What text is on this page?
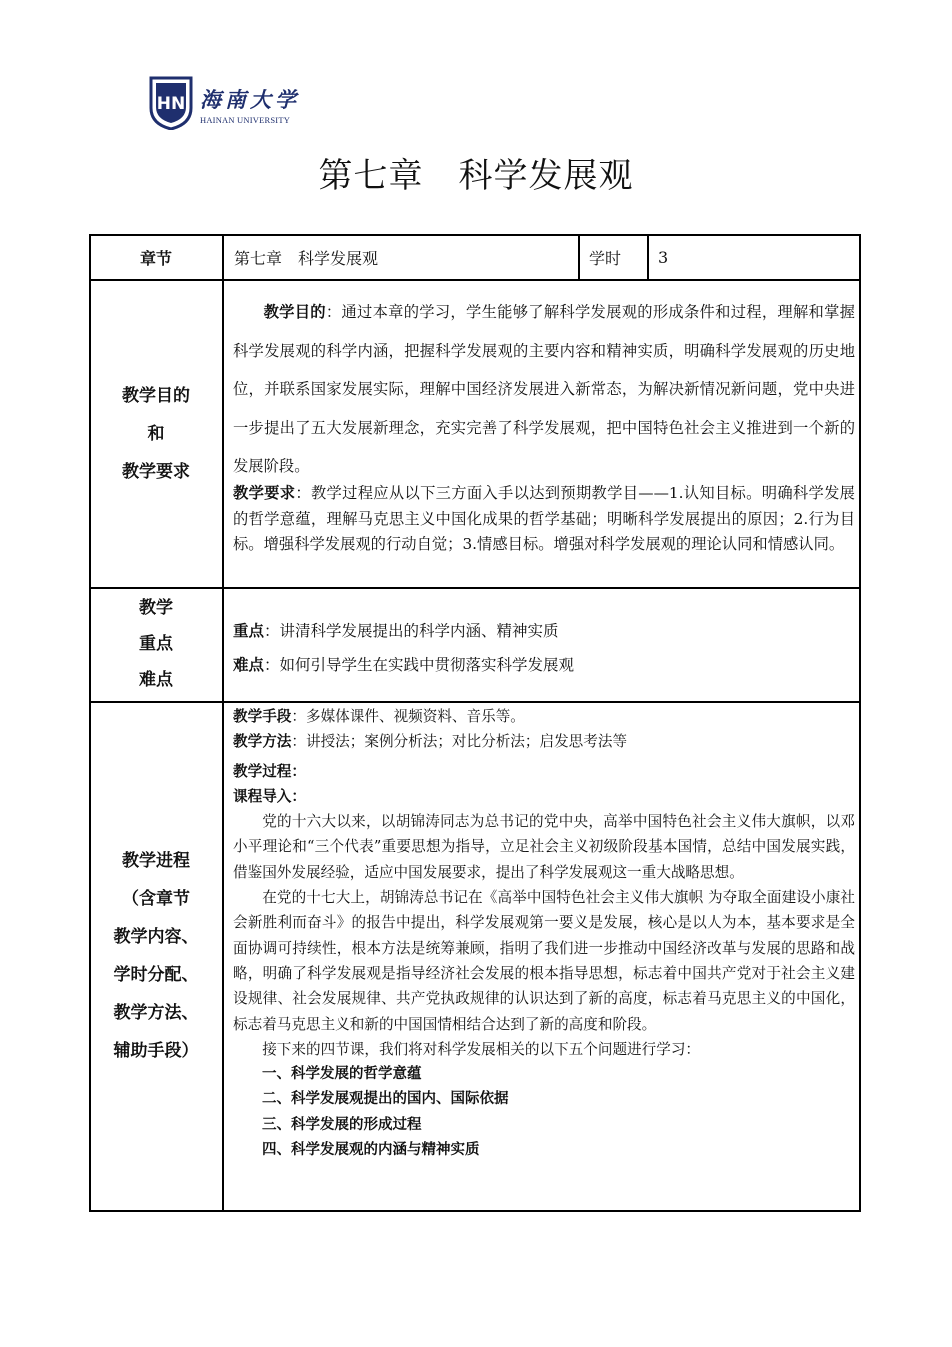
HN 海南大学
HAINAN UNIVERSITY
第七章　科学发展观
章节	第七章　科学发展观	学时 3
教学目的
和
教学要求

教学目的：通过本章的学习，学生能够了解科学发展观的形成条件和过程，理解和掌握科学发展观的科学内涵，把握科学发展观的主要内容和精神实质，明确科学发展观的历史地位，并联系国家发展实际，理解中国经济发展进入新常态，为解决新情况新问题，党中央进一步提出了五大发展新理念，充实完善了科学发展观，把中国特色社会主义推进到一个新的发展阶段。

教学要求：教学过程应从以下三方面入手以达到预期教学目——1.认知目标。明确科学发展的哲学意蕴，理解马克思主义中国化成果的哲学基础；明晰科学发展提出的原因；2.行为目标。增强科学发展观的行动自觉；3.情感目标。增强对科学发展观的理论认同和情感认同。

教学
重点
难点
重点：讲清科学发展提出的科学内涵、精神实质
难点：如何引导学生在实践中贯彻落实科学发展观
教学进程
（含章节
教学内容、
学时分配、
教学方法、
辅助手段）
教学手段：多媒体课件、视频资料、音乐等。
教学方法：讲授法；案例分析法；对比分析法；启发思考法等
教学过程：
课程导入：

党的十六大以来，以胡锦涛同志为总书记的党中央，高举中国特色社会主义伟大旗帜，以邓小平理论和“三个代表”重要思想为指导，立足社会主义初级阶段基本国情，总结中国发展实践，借鉴国外发展经验，适应中国发展要求，提出了科学发展观这一重大战略思想。

在党的十七大上，胡锦涛总书记在《高举中国特色社会主义伟大旗帜 为夺取全面建设小康社会新胜利而奋斗》的报告中提出，科学发展观第一要义是发展，核心是以人为本，基本要求是全面协调可持续性，根本方法是统筹兼顾，指明了我们进一步推动中国经济改革与发展的思路和战略，明确了科学发展观是指导经济社会发展的根本指导思想，标志着中国共产党对于社会主义建设规律、社会发展规律、共产党执政规律的认识达到了新的高度，标志着马克思主义的中国化，标志着马克思主义和新的中国国情相结合达到了新的高度和阶段。

接下来的四节课，我们将对科学发展相关的以下五个问题进行学习：

一、科学发展的哲学意蕴
二、科学发展观提出的国内、国际依据
三、科学发展的形成过程
四、科学发展观的内涵与精神实质
